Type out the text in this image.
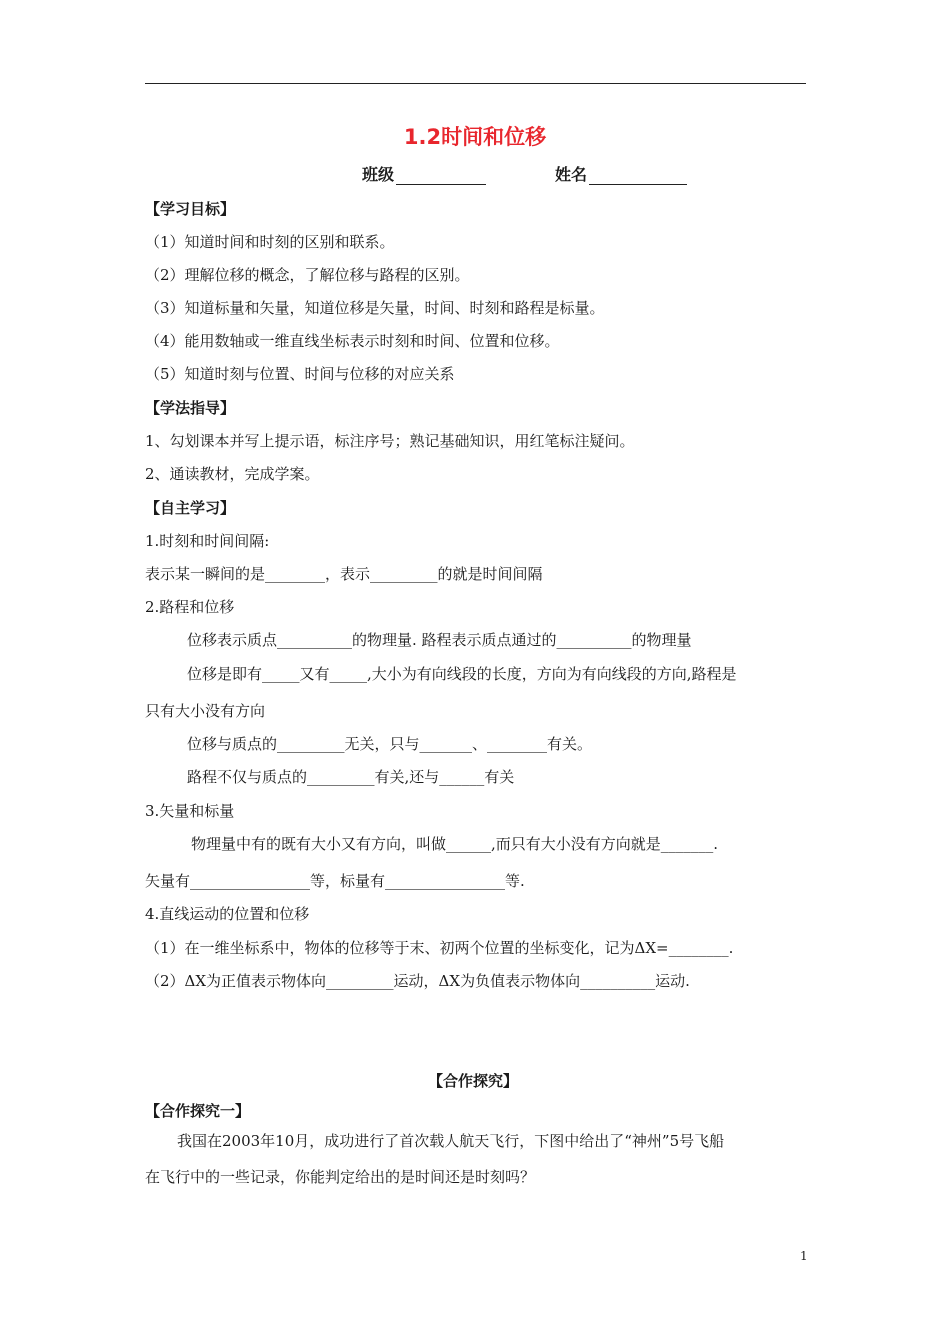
1.2时间和位移
班级	姓名
【学习目标】
（1）知道时间和时刻的区别和联系。
（2）理解位移的概念，了解位移与路程的区别。
（3）知道标量和矢量，知道位移是矢量，时间、时刻和路程是标量。
（4）能用数轴或一维直线坐标表示时刻和时间、位置和位移。
（5）知道时刻与位置、时间与位移的对应关系
【学法指导】
1、勾划课本并写上提示语，标注序号；熟记基础知识，用红笔标注疑问。
2、通读教材，完成学案。
【自主学习】
1.时刻和时间间隔:
表示某一瞬间的是________，表示_________的就是时间间隔
2.路程和位移
位移表示质点__________的物理量. 路程表示质点通过的__________的物理量
位移是即有_____又有_____,大小为有向线段的长度，方向为有向线段的方向,路程是
只有大小没有方向
位移与质点的_________无关，只与_______、________有关。
路程不仅与质点的_________有关,还与______有关
3.矢量和标量
物理量中有的既有大小又有方向，叫做______,而只有大小没有方向就是_______.
矢量有________________等，标量有________________等.
4.直线运动的位置和位移
（1）在一维坐标系中，物体的位移等于末、初两个位置的坐标变化，记为ΔX=________.
（2）ΔX为正值表示物体向_________运动，ΔX为负值表示物体向__________运动.
【合作探究】
【合作探究一】
我国在2003年10月，成功进行了首次载人航天飞行，下图中给出了“神州”5号飞船
在飞行中的一些记录，你能判定给出的是时间还是时刻吗？
1
